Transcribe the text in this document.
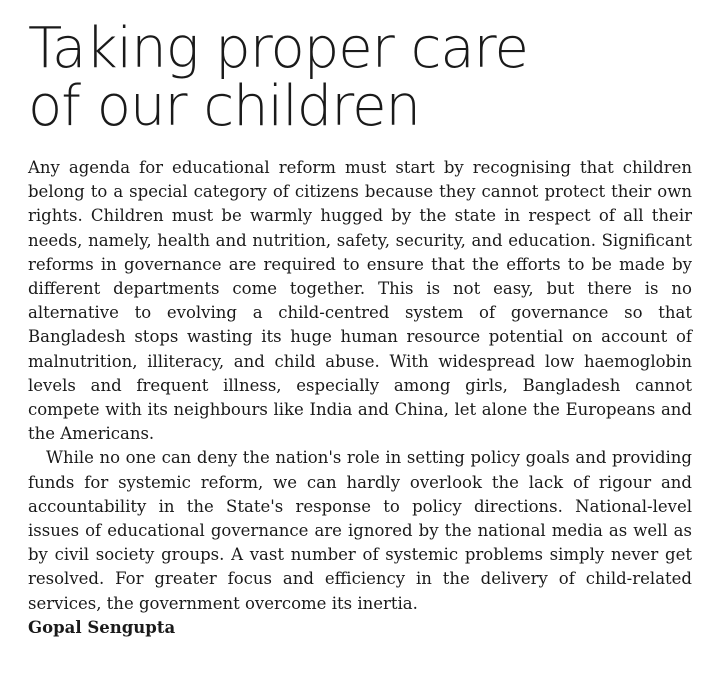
Taking proper care
of our children

Any agenda for educational reform must start by recognising that children belong to a special category of citizens because they cannot protect their own rights. Children must be warmly hugged by the state in respect of all their needs, namely, health and nutrition, safety, security, and education. Significant reforms in governance are required to ensure that the efforts to be made by different departments come together. This is not easy, but there is no alternative to evolving a child-centred system of governance so that Bangladesh stops wasting its huge human resource potential on account of malnutrition, illiteracy, and child abuse. With widespread low haemoglobin levels and frequent illness, especially among girls, Bangladesh cannot compete with its neighbours like India and China, let alone the Europeans and the Americans.

While no one can deny the nation's role in setting policy goals and providing funds for systemic reform, we can hardly overlook the lack of rigour and accountability in the State's response to policy directions. National-level issues of educational governance are ignored by the national media as well as by civil society groups. A vast number of systemic problems simply never get resolved. For greater focus and efficiency in the delivery of child-related services, the government overcome its inertia.

Gopal Sengupta
